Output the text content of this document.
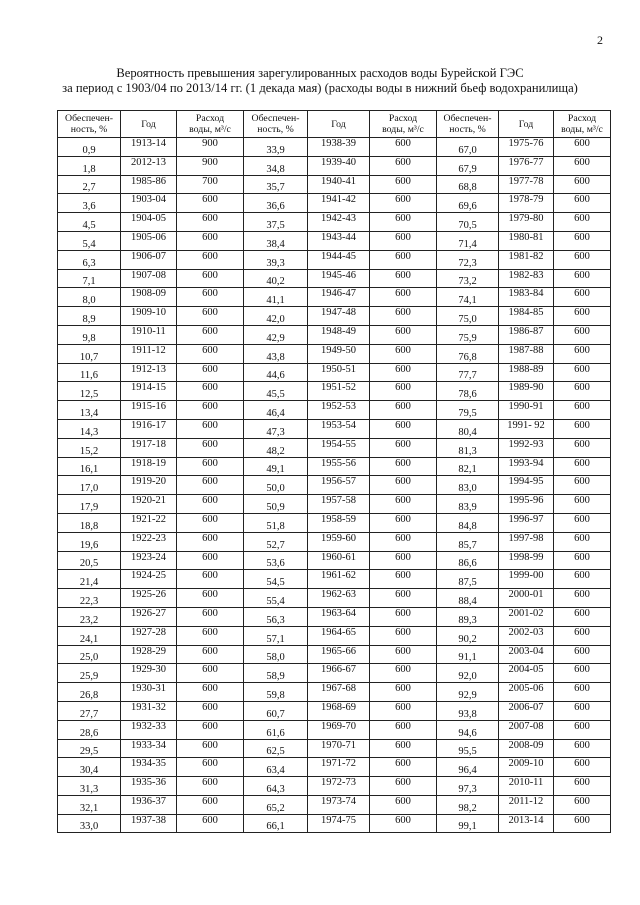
2
Вероятность превышения зарегулированных расходов воды Бурейской ГЭС
за период с 1903/04 по 2013/14 гг. (1 декада мая) (расходы воды в нижний бьеф водохранилища)
Обеспечен-
ность, %	Год	Расход
воды, м³/с	Обеспечен-
ность, %	Год	Расход
воды, м³/с	Обеспечен-
ность, %	Год	Расход
воды, м³/с
0,9	1913-14	900	33,9	1938-39	600	67,0	1975-76	600
1,8	2012-13	900	34,8	1939-40	600	67,9	1976-77	600
2,7	1985-86	700	35,7	1940-41	600	68,8	1977-78	600
3,6	1903-04	600	36,6	1941-42	600	69,6	1978-79	600
4,5	1904-05	600	37,5	1942-43	600	70,5	1979-80	600
5,4	1905-06	600	38,4	1943-44	600	71,4	1980-81	600
6,3	1906-07	600	39,3	1944-45	600	72,3	1981-82	600
7,1	1907-08	600	40,2	1945-46	600	73,2	1982-83	600
8,0	1908-09	600	41,1	1946-47	600	74,1	1983-84	600
8,9	1909-10	600	42,0	1947-48	600	75,0	1984-85	600
9,8	1910-11	600	42,9	1948-49	600	75,9	1986-87	600
10,7	1911-12	600	43,8	1949-50	600	76,8	1987-88	600
11,6	1912-13	600	44,6	1950-51	600	77,7	1988-89	600
12,5	1914-15	600	45,5	1951-52	600	78,6	1989-90	600
13,4	1915-16	600	46,4	1952-53	600	79,5	1990-91	600
14,3	1916-17	600	47,3	1953-54	600	80,4	1991- 92	600
15,2	1917-18	600	48,2	1954-55	600	81,3	1992-93	600
16,1	1918-19	600	49,1	1955-56	600	82,1	1993-94	600
17,0	1919-20	600	50,0	1956-57	600	83,0	1994-95	600
17,9	1920-21	600	50,9	1957-58	600	83,9	1995-96	600
18,8	1921-22	600	51,8	1958-59	600	84,8	1996-97	600
19,6	1922-23	600	52,7	1959-60	600	85,7	1997-98	600
20,5	1923-24	600	53,6	1960-61	600	86,6	1998-99	600
21,4	1924-25	600	54,5	1961-62	600	87,5	1999-00	600
22,3	1925-26	600	55,4	1962-63	600	88,4	2000-01	600
23,2	1926-27	600	56,3	1963-64	600	89,3	2001-02	600
24,1	1927-28	600	57,1	1964-65	600	90,2	2002-03	600
25,0	1928-29	600	58,0	1965-66	600	91,1	2003-04	600
25,9	1929-30	600	58,9	1966-67	600	92,0	2004-05	600
26,8	1930-31	600	59,8	1967-68	600	92,9	2005-06	600
27,7	1931-32	600	60,7	1968-69	600	93,8	2006-07	600
28,6	1932-33	600	61,6	1969-70	600	94,6	2007-08	600
29,5	1933-34	600	62,5	1970-71	600	95,5	2008-09	600
30,4	1934-35	600	63,4	1971-72	600	96,4	2009-10	600
31,3	1935-36	600	64,3	1972-73	600	97,3	2010-11	600
32,1	1936-37	600	65,2	1973-74	600	98,2	2011-12	600
33,0	1937-38	600	66,1	1974-75	600	99,1	2013-14	600
